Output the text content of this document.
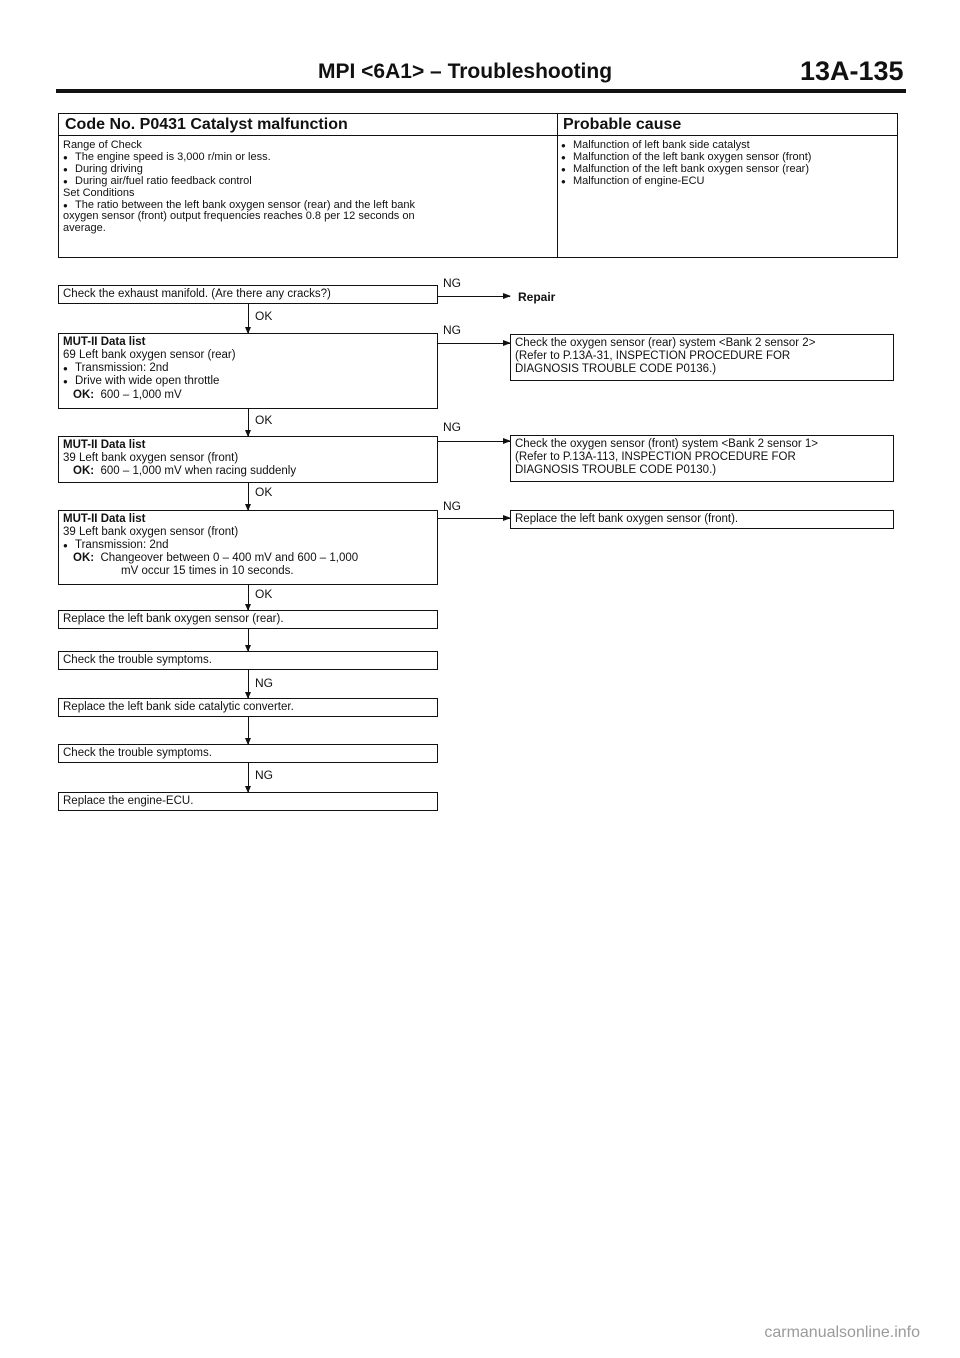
MPI <6A1> – Troubleshooting	13A-135
Code No. P0431 Catalyst malfunction
Range of Check
● The engine speed is 3,000 r/min or less.
● During driving
● During air/fuel ratio feedback control
Set Conditions
● The ratio between the left bank oxygen sensor (rear) and the left bank
oxygen sensor (front) output frequencies reaches 0.8 per 12 seconds on
average.
Probable cause
● Malfunction of left bank side catalyst
● Malfunction of the left bank oxygen sensor (front)
● Malfunction of the left bank oxygen sensor (rear)
● Malfunction of engine-ECU
Check the exhaust manifold. (Are there any cracks?)
NG
Repair
OK
MUT-II Data list
69 Left bank oxygen sensor (rear)
● Transmission: 2nd
● Drive with wide open throttle
OK: 600 – 1,000 mV
NG
Check the oxygen sensor (rear) system <Bank 2 sensor 2>
(Refer to P.13A-31, INSPECTION PROCEDURE FOR
DIAGNOSIS TROUBLE CODE P0136.)
OK
MUT-II Data list
39 Left bank oxygen sensor (front)
OK: 600 – 1,000 mV when racing suddenly
NG
Check the oxygen sensor (front) system <Bank 2 sensor 1>
(Refer to P.13A-113, INSPECTION PROCEDURE FOR
DIAGNOSIS TROUBLE CODE P0130.)
OK
MUT-II Data list
39 Left bank oxygen sensor (front)
● Transmission: 2nd
OK: Changeover between 0 – 400 mV and 600 – 1,000
mV occur 15 times in 10 seconds.
NG
Replace the left bank oxygen sensor (front).
OK
Replace the left bank oxygen sensor (rear).
Check the trouble symptoms.
NG
Replace the left bank side catalytic converter.
Check the trouble symptoms.
NG
Replace the engine-ECU.
carmanualsonline.info
